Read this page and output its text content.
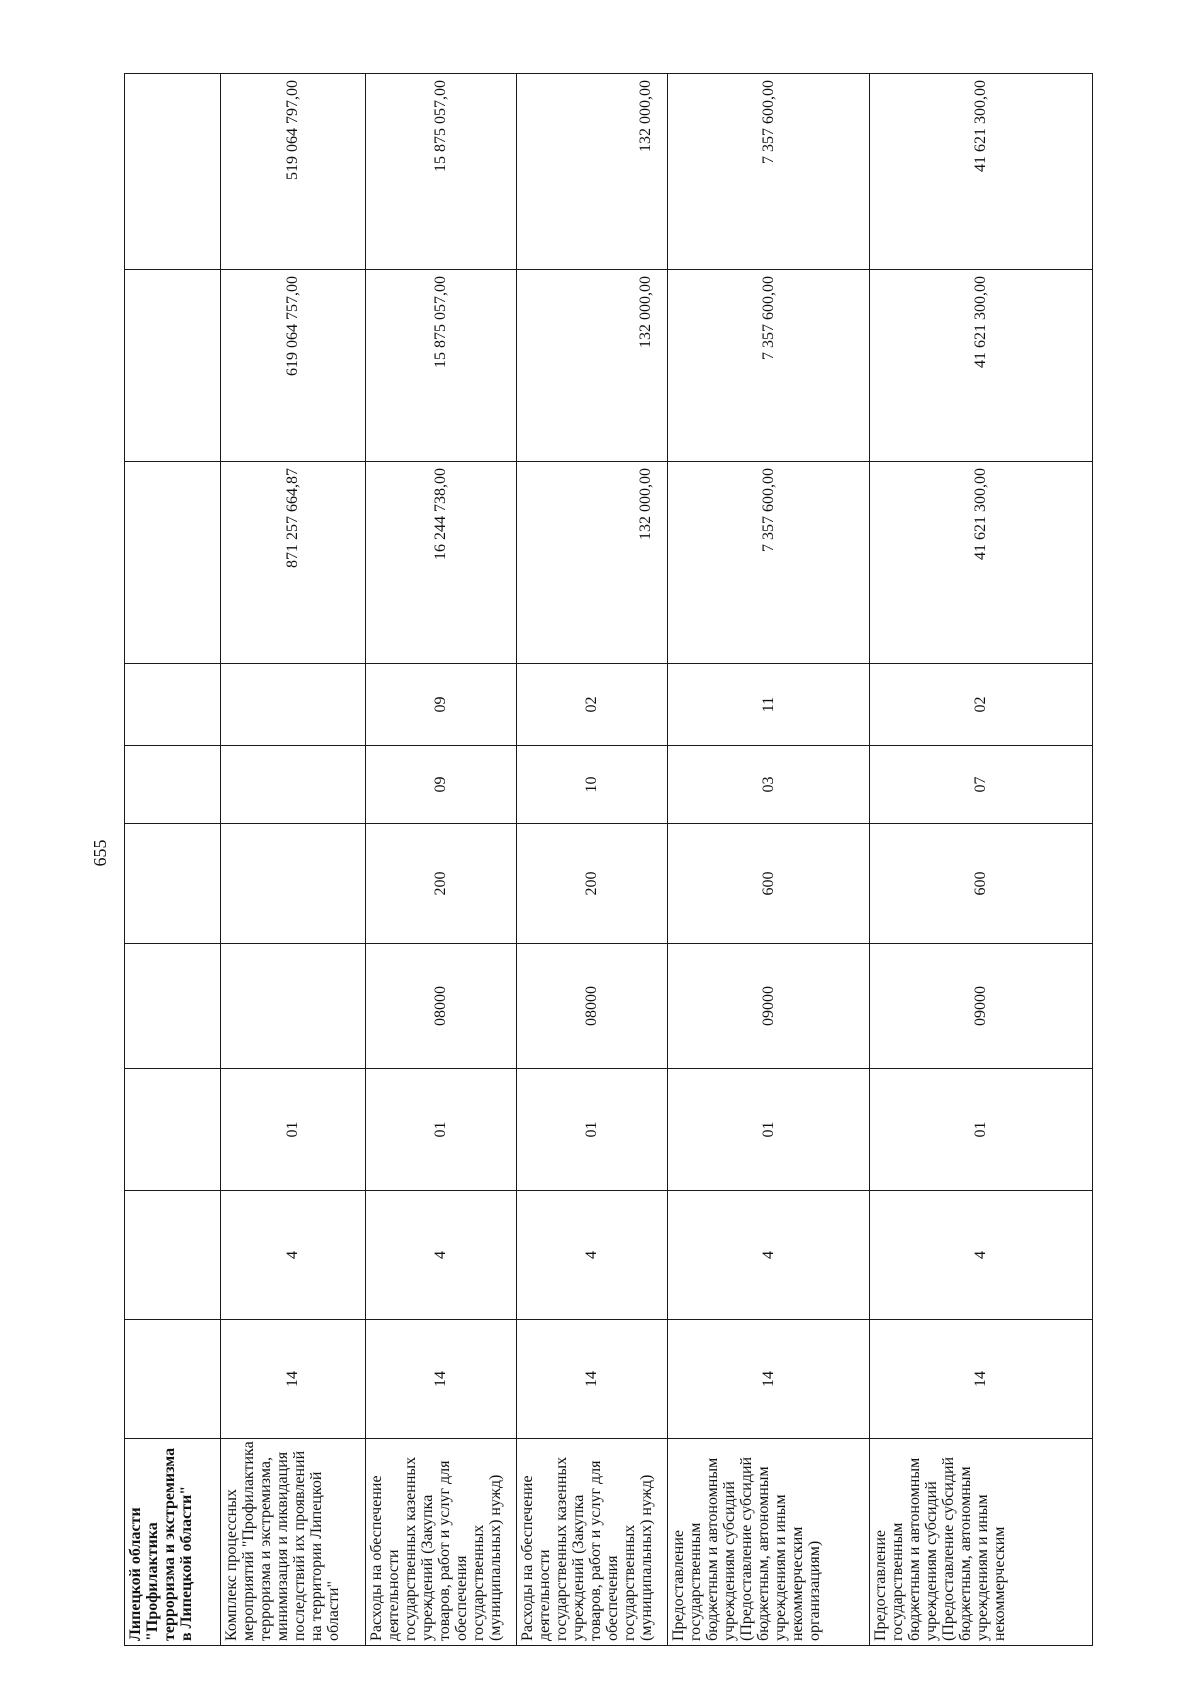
655
Липецкой области "Профилактика терроризма и экстремизма в Липецкой области"										
Комплекс процессных мероприятий "Профилактика терроризма и экстремизма, минимизация и ликвидация последствий их проявлений на территории Липецкой области"	14	4	01					871 257 664,87	619 064 757,00	519 064 797,00
Расходы на обеспечение деятельности государственных казенных учреждений (Закупка товаров, работ и услуг для обеспечения государственных (муниципальных) нужд)	14	4	01	08000	200	09	09	16 244 738,00	15 875 057,00	15 875 057,00
Расходы на обеспечение деятельности государственных казенных учреждений (Закупка товаров, работ и услуг для обеспечения государственных (муниципальных) нужд)	14	4	01	08000	200	10	02	132 000,00	132 000,00	132 000,00
Предоставление государственным бюджетным и автономным учреждениям субсидий (Предоставление субсидий бюджетным, автономным учреждениям и иным некоммерческим организациям)	14	4	01	09000	600	03	11	7 357 600,00	7 357 600,00	7 357 600,00
Предоставление государственным бюджетным и автономным учреждениям субсидий (Предоставление субсидий бюджетным, автономным учреждениям и иным некоммерческим	14	4	01	09000	600	07	02	41 621 300,00	41 621 300,00	41 621 300,00
